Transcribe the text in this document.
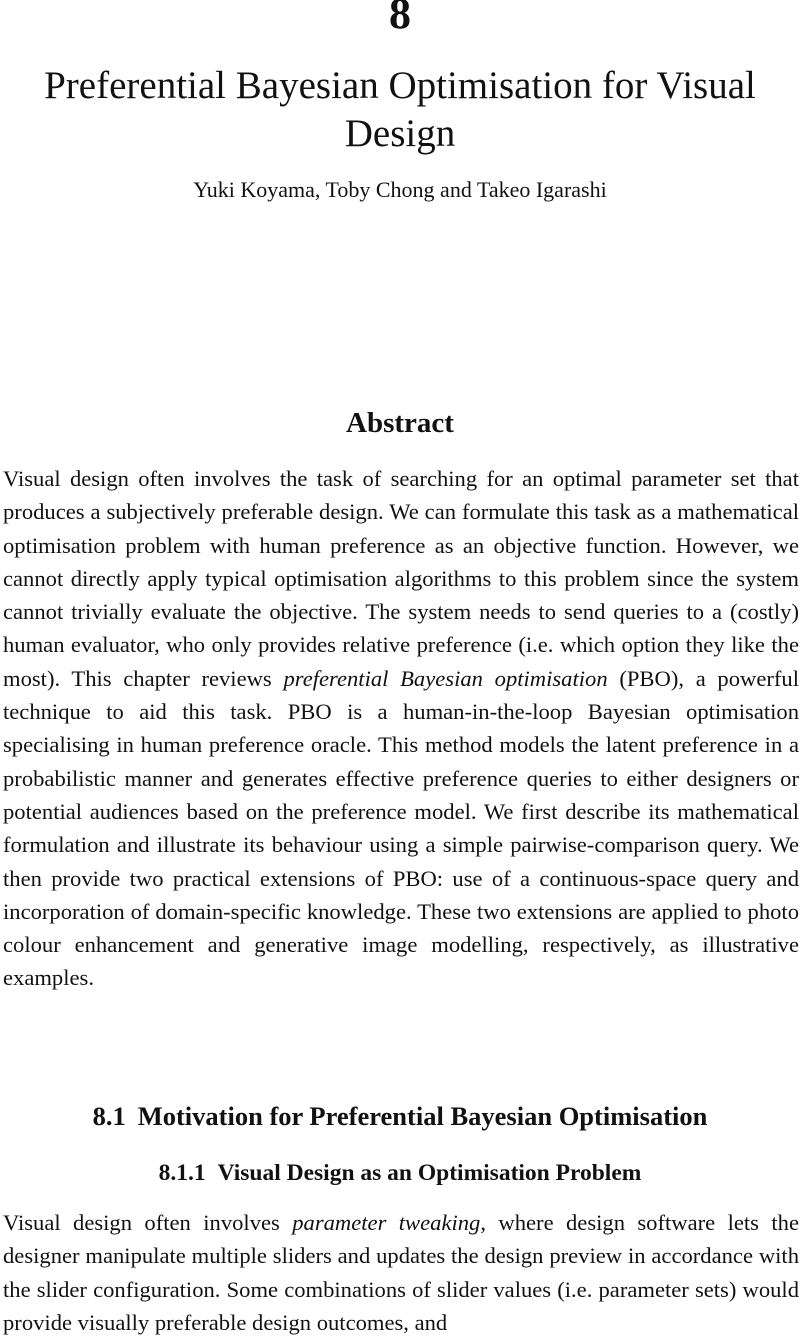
8
Preferential Bayesian Optimisation for Visual Design
Yuki Koyama, Toby Chong and Takeo Igarashi
Abstract

Visual design often involves the task of searching for an optimal parameter set that produces a subjectively preferable design. We can formulate this task as a mathematical optimisation problem with human preference as an objective function. However, we cannot directly apply typical optimisation algorithms to this problem since the system cannot trivially evaluate the objective. The system needs to send queries to a (costly) human evaluator, who only provides relative preference (i.e. which option they like the most). This chapter reviews preferential Bayesian optimisation (PBO), a powerful technique to aid this task. PBO is a human-in-the-loop Bayesian optimisation specialising in human preference oracle. This method models the latent preference in a probabilistic manner and generates effective preference queries to either designers or potential audiences based on the preference model. We first describe its mathematical formulation and illustrate its behaviour using a simple pairwise-comparison query. We then provide two practical extensions of PBO: use of a continuous-space query and incorporation of domain-specific knowledge. These two extensions are applied to photo colour enhancement and generative image modelling, respectively, as illustrative examples.

8.1 Motivation for Preferential Bayesian Optimisation
8.1.1 Visual Design as an Optimisation Problem

Visual design often involves parameter tweaking, where design software lets the designer manipulate multiple sliders and updates the design preview in accordance with the slider configuration. Some combinations of slider values (i.e. parameter sets) would provide visually preferable design outcomes, and
